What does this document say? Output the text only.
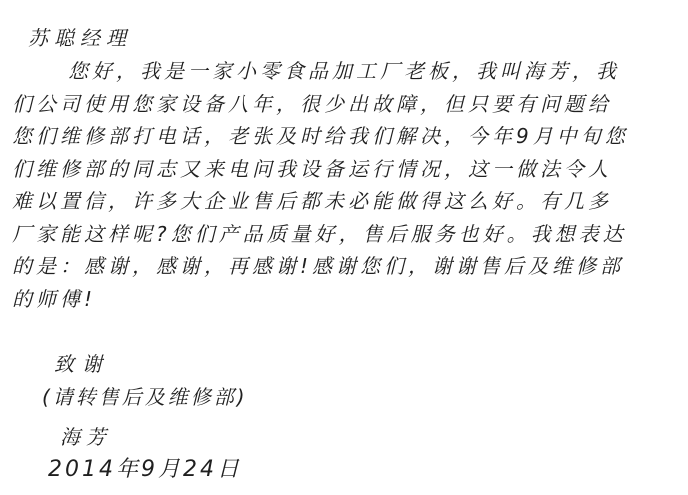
苏聪经理
您好，我是一家小零食品加工厂老板，我叫海芳，我
们公司使用您家设备八年，很少出故障，但只要有问题给
您们维修部打电话，老张及时给我们解决，今年9月中旬您
们维修部的同志又来电问我设备运行情况，这一做法令人
难以置信，许多大企业售后都未必能做得这么好。有几多
厂家能这样呢?您们产品质量好，售后服务也好。我想表达
的是：感谢，感谢，再感谢!感谢您们，谢谢售后及维修部
的师傅!
致谢
(请转售后及维修部)
海芳
2014年9月24日
